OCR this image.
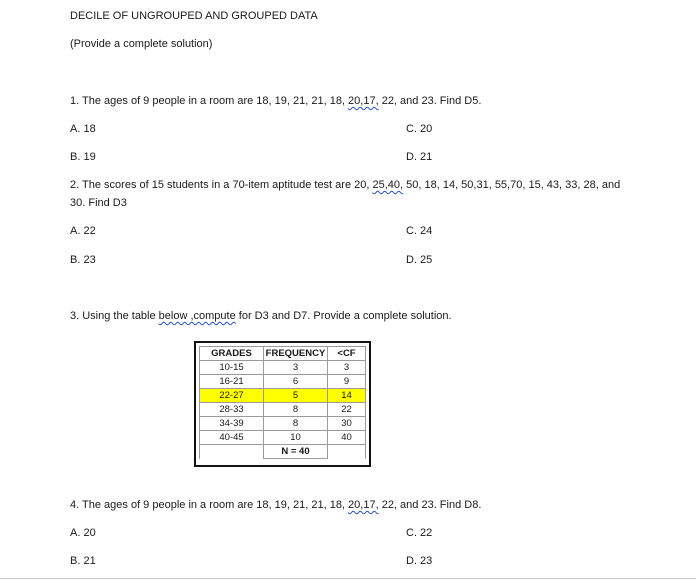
DECILE OF UNGROUPED AND GROUPED DATA
(Provide a complete solution)
1. The ages of 9 people in a room are 18, 19, 21, 21, 18, 20,17, 22, and 23. Find D5.
A. 18	C. 20
B. 19	D. 21
2. The scores of 15 students in a 70-item aptitude test are 20, 25,40, 50, 18, 14, 50,31, 55,70, 15, 43, 33, 28, and
30. Find D3
A. 22	C. 24
B. 23	D. 25
3. Using the table below ,compute for D3 and D7. Provide a complete solution.
GRADES	FREQUENCY	<CF
10-15	3	3
16-21	6	9
22-27	5	14
28-33	8	22
34-39	8	30
40-45	10	40
	N = 40	
4. The ages of 9 people in a room are 18, 19, 21, 21, 18, 20,17, 22, and 23. Find D8.
A. 20	C. 22
B. 21	D. 23
